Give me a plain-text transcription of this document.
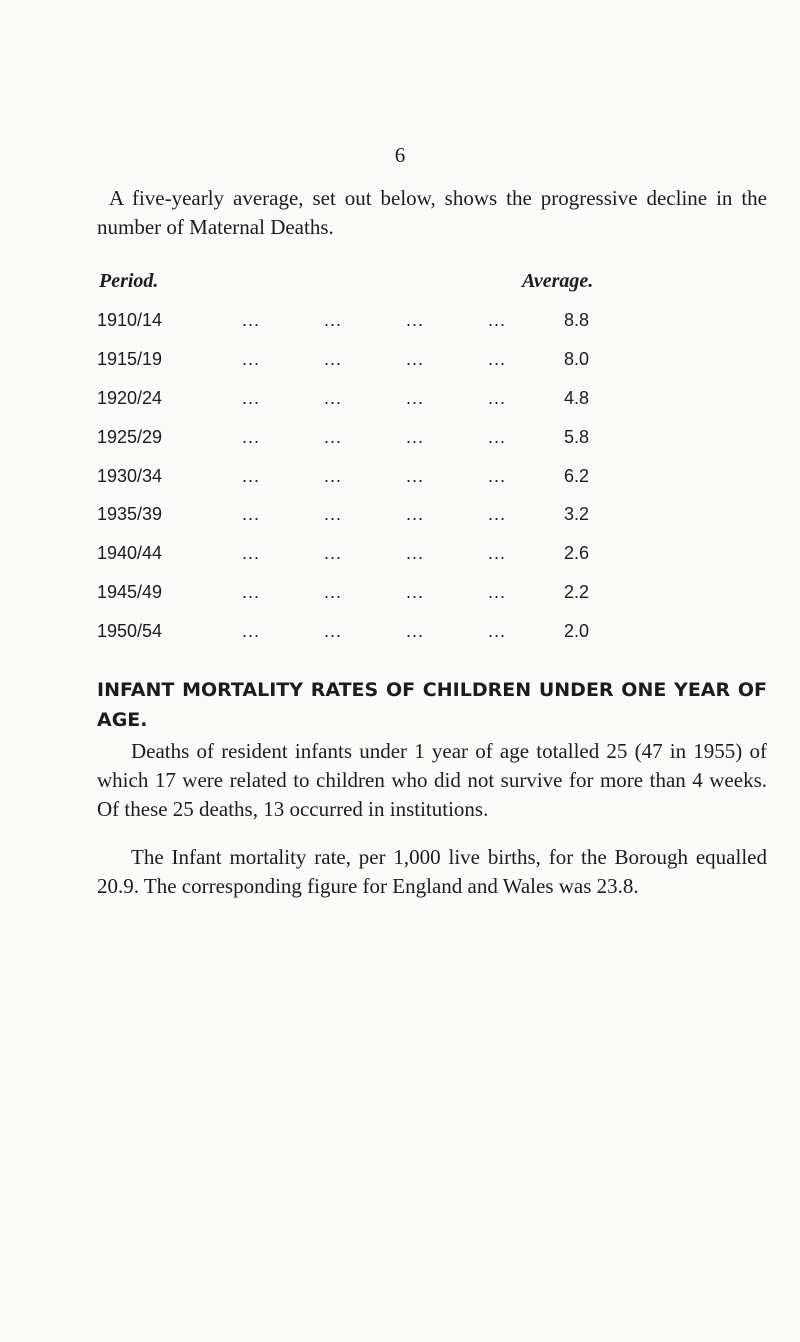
6

A five-yearly average, set out below, shows the progressive decline in the number of Maternal Deaths.

Period.	Average.
1910/14	...	...	...	...	8.8
1915/19	...	...	...	...	8.0
1920/24	...	...	...	...	4.8
1925/29	...	...	...	...	5.8
1930/34	...	...	...	...	6.2
1935/39	...	...	...	...	3.2
1940/44	...	...	...	...	2.6
1945/49	...	...	...	...	2.2
1950/54	...	...	...	...	2.0
INFANT MORTALITY RATES OF CHILDREN UNDER ONE YEAR OF AGE.

Deaths of resident infants under 1 year of age totalled 25 (47 in 1955) of which 17 were related to children who did not survive for more than 4 weeks. Of these 25 deaths, 13 occurred in institutions.

The Infant mortality rate, per 1,000 live births, for the Borough equalled 20.9. The corresponding figure for England and Wales was 23.8.
